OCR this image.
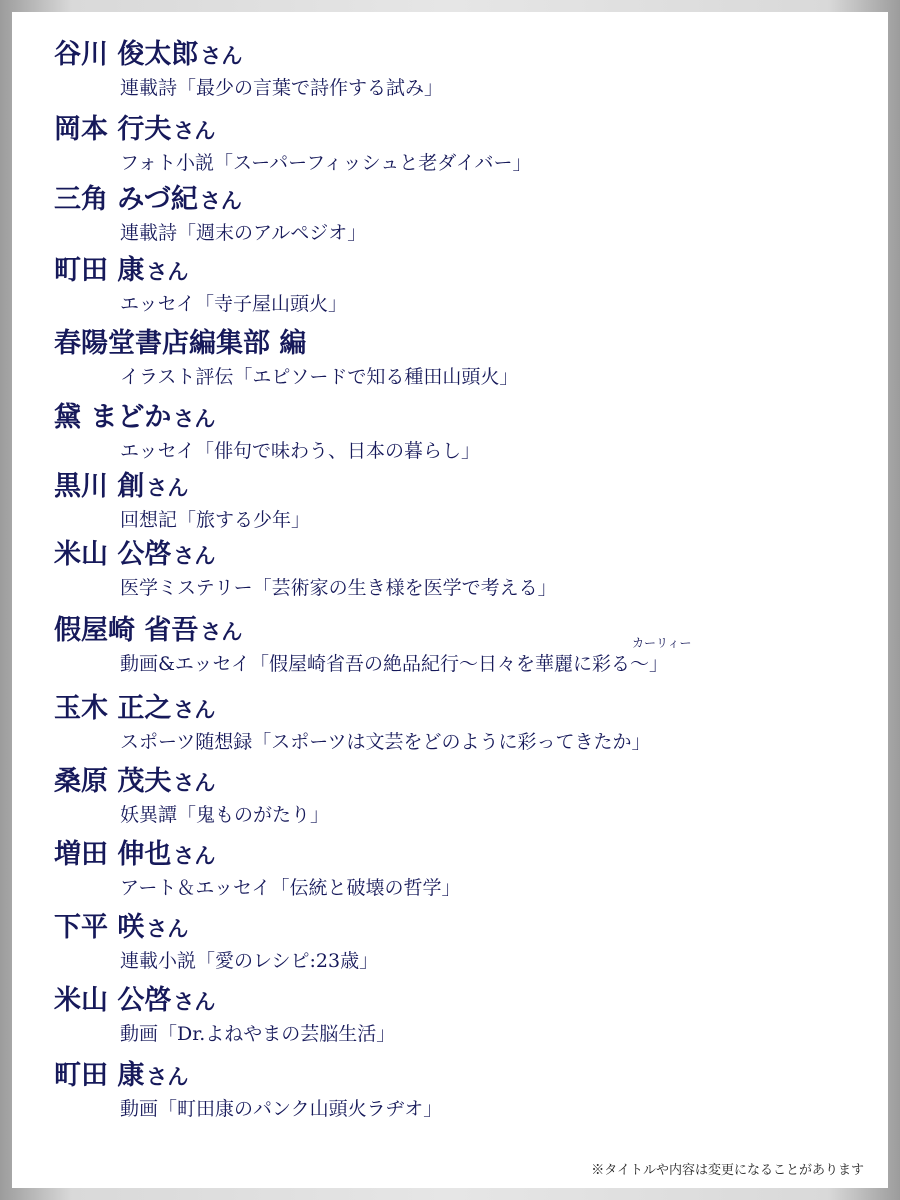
谷川 俊太郎さん
連載詩「最少の言葉で詩作する試み」
岡本 行夫さん
フォト小説「スーパーフィッシュと老ダイバー」
三角 みづ紀さん
連載詩「週末のアルペジオ」
町田 康さん
エッセイ「寺子屋山頭火」
春陽堂書店編集部 編
イラスト評伝「エピソードで知る種田山頭火」
黛 まどかさん
エッセイ「俳句で味わう、日本の暮らし」
黒川 創さん
回想記「旅する少年」
米山 公啓さん
医学ミステリー「芸術家の生き様を医学で考える」
假屋崎 省吾さん	カーリィー
動画&エッセイ「假屋崎省吾の絶品紀行〜日々を華麗に彩る〜」
玉木 正之さん
スポーツ随想録「スポーツは文芸をどのように彩ってきたか」
桑原 茂夫さん
妖異譚「鬼ものがたり」
増田 伸也さん
アート＆エッセイ「伝統と破壊の哲学」
下平 咲さん
連載小説「愛のレシピ:23歳」
米山 公啓さん
動画「Dr.よねやまの芸脳生活」
町田 康さん
動画「町田康のパンク山頭火ラヂオ」
※タイトルや内容は変更になることがあります
